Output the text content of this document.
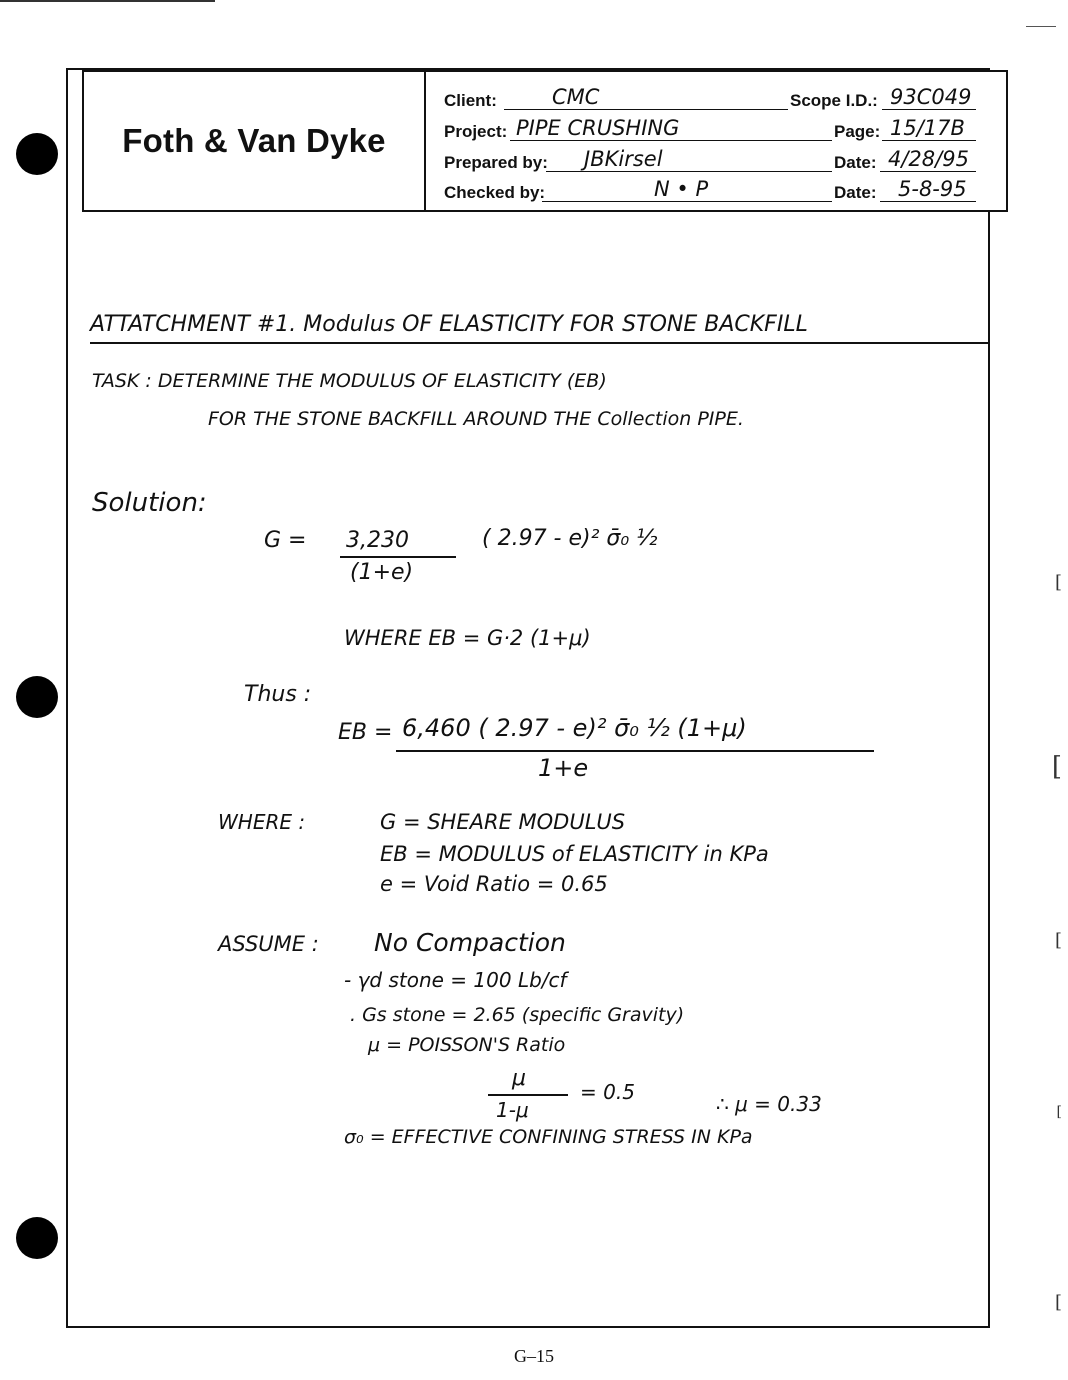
[
[
[
[
[
Foth & Van Dyke
Client:	CMC	Scope I.D.: 93C049
Project: PIPE CRUSHING	Page: 15/17B
Prepared by: JBKirsel	Date: 4/28/95
Checked by:	N • P	Date: 5-8-95
ATTATCHMENT #1. Modulus OF ELASTICITY FOR STONE BACKFILL
TASK : DETERMINE THE MODULUS OF ELASTICITY (EB)
FOR THE STONE BACKFILL AROUND THE Collection PIPE.
Solution:
G = 3,230
(1+e)
( 2.97 - e)² σ̄₀ ½
WHERE EB = G·2 (1+μ)
Thus :
EB = 6,460 ( 2.97 - e)² σ̄₀ ½ (1+μ)
1+e
WHERE :	G = SHEARE MODULUS
EB = MODULUS of ELASTICITY in KPa
e = Void Ratio = 0.65
ASSUME : No Compaction
- γd stone = 100 Lb/cf
. Gs stone = 2.65 (specific Gravity)
μ = POISSON'S Ratio
μ
1-μ
= 0.5	∴ μ = 0.33
σ₀ = EFFECTIVE CONFINING STRESS IN KPa
G–15
